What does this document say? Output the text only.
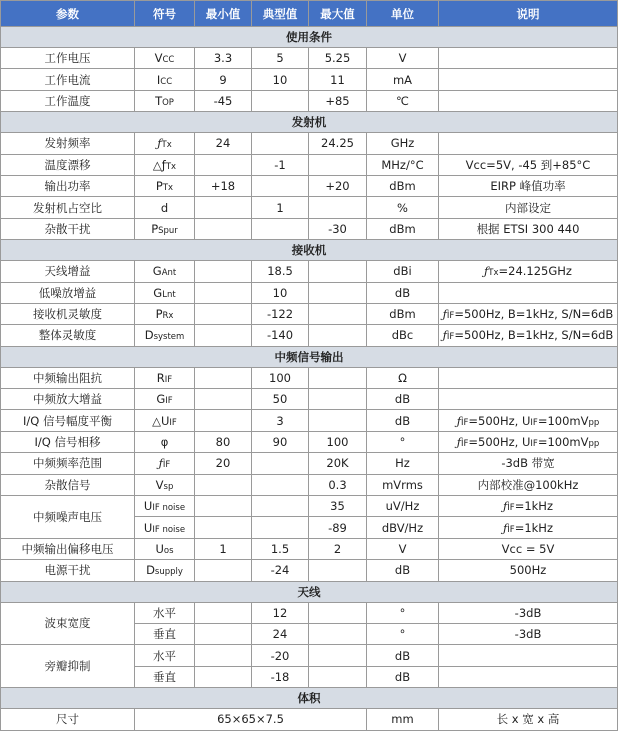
参数	符号	最小值	典型值	最大值	单位	说明
使用条件						
工作电压	VCC	3.3	5	5.25	V	
工作电流	ICC	9	10	11	mA	
工作温度	TOP	-45		+85	℃	
发射机						
发射频率	ƒTx	24		24.25	GHz	
温度漂移	△ƒTx		-1		MHz/°C	Vcc=5V, -45 到+85°C
输出功率	PTx	+18		+20	dBm	EIRP 峰值功率
发射机占空比	d		1		%	内部设定
杂散干扰	PSpur			-30	dBm	根据 ETSI 300 440
接收机						
天线增益	GAnt		18.5		dBi	ƒTx=24.125GHz
低噪放增益	GLnt		10		dB	
接收机灵敏度	PRx		-122		dBm	ƒIF=500Hz, B=1kHz, S/N=6dB
整体灵敏度	Dsystem		-140		dBc	ƒIF=500Hz, B=1kHz, S/N=6dB
中频信号输出						
中频输出阻抗	RIF		100		Ω	
中频放大增益	GIF		50		dB	
I/Q 信号幅度平衡	△UIF		3		dB	ƒIF=500Hz, UIF=100mVpp
I/Q 信号相移	φ	80	90	100	°	ƒIF=500Hz, UIF=100mVpp
中频频率范围	ƒIF	20		20K	Hz	-3dB 带宽
杂散信号	Vsp			0.3	mVrms	内部校准@100kHz
中频噪声电压	UIF noise			35	uV/Hz	ƒIF=1kHz
	UIF noise			-89	dBV/Hz	ƒIF=1kHz
中频输出偏移电压	Uos	1	1.5	2	V	Vcc = 5V
电源干扰	Dsupply		-24		dB	500Hz
天线						
波束宽度	水平		12		°	-3dB
	垂直		24		°	-3dB
旁瓣抑制	水平		-20		dB	
	垂直		-18		dB	
体积						
尺寸	65×65×7.5				mm	长 x 宽 x 高
